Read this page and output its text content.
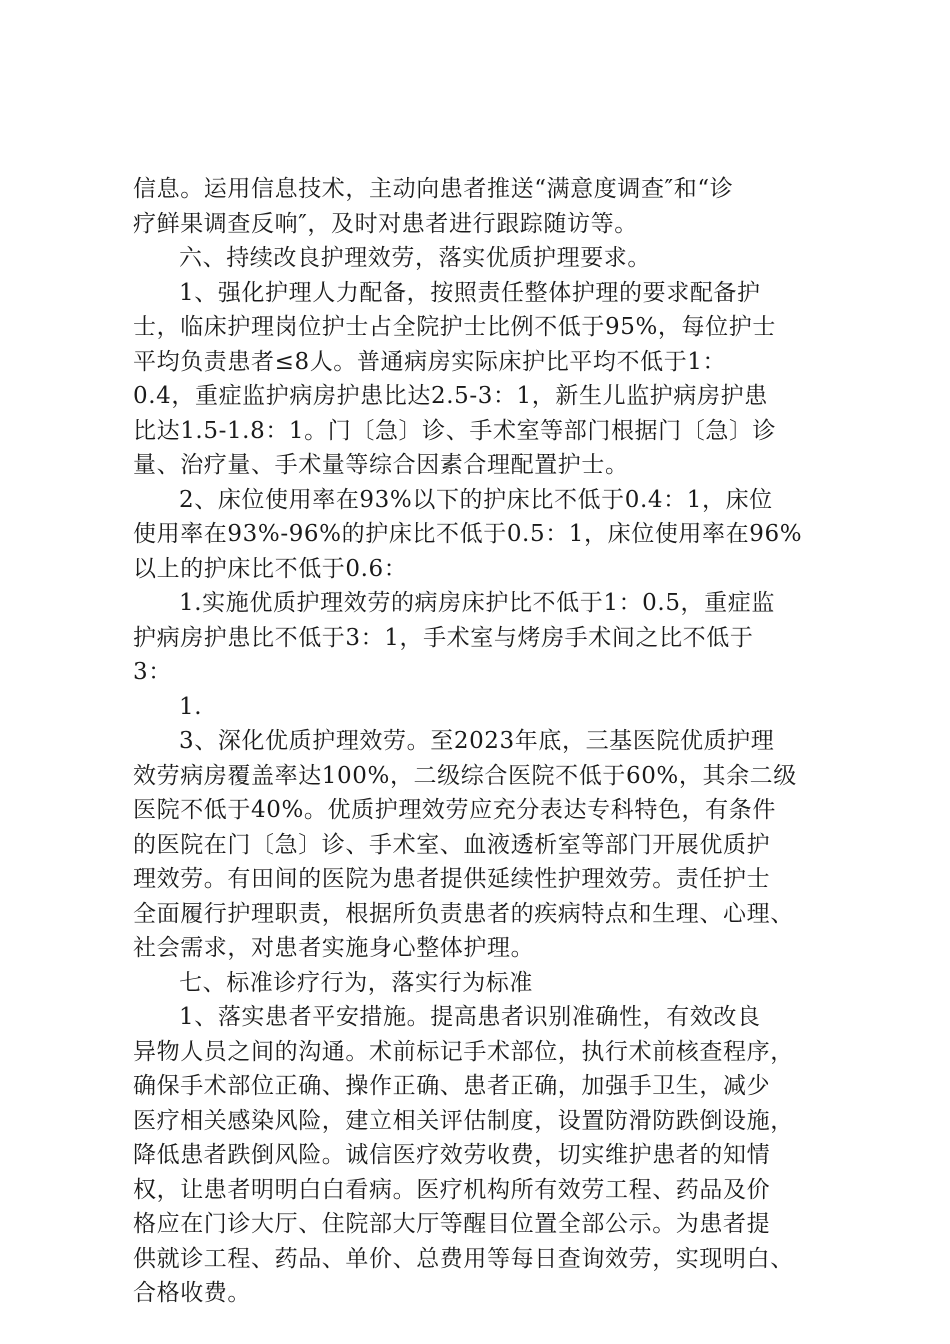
信息。运用信息技术，主动向患者推送“满意度调查″和“诊
疗鲜果调查反响″，及时对患者进行跟踪随访等。
六、持续改良护理效劳，落实优质护理要求。
1、强化护理人力配备，按照责任整体护理的要求配备护
士，临床护理岗位护士占全院护士比例不低于95%，每位护士
平均负责患者≤8人。普通病房实际床护比平均不低于1：
0.4，重症监护病房护患比达2.5-3：1，新生儿监护病房护患
比达1.5-1.8：1。门〔急〕诊、手术室等部门根据门〔急〕诊
量、治疗量、手术量等综合因素合理配置护士。
2、床位使用率在93%以下的护床比不低于0.4：1，床位
使用率在93%-96%的护床比不低于0.5：1，床位使用率在96%
以上的护床比不低于0.6：
1.实施优质护理效劳的病房床护比不低于1：0.5，重症监
护病房护患比不低于3：1，手术室与烤房手术间之比不低于
3：
1.
3、深化优质护理效劳。至2023年底，三基医院优质护理
效劳病房覆盖率达100%，二级综合医院不低于60%，其余二级
医院不低于40%。优质护理效劳应充分表达专科特色，有条件
的医院在门〔急〕诊、手术室、血液透析室等部门开展优质护
理效劳。有田间的医院为患者提供延续性护理效劳。责任护士
全面履行护理职责，根据所负责患者的疾病特点和生理、心理、
社会需求，对患者实施身心整体护理。
七、标准诊疗行为，落实行为标准
1、落实患者平安措施。提高患者识别准确性，有效改良
异物人员之间的沟通。术前标记手术部位，执行术前核查程序，
确保手术部位正确、操作正确、患者正确，加强手卫生，减少
医疗相关感染风险，建立相关评估制度，设置防滑防跌倒设施，
降低患者跌倒风险。诚信医疗效劳收费，切实维护患者的知情
权，让患者明明白白看病。医疗机构所有效劳工程、药品及价
格应在门诊大厅、住院部大厅等醒目位置全部公示。为患者提
供就诊工程、药品、单价、总费用等每日查询效劳，实现明白、
合格收费。
